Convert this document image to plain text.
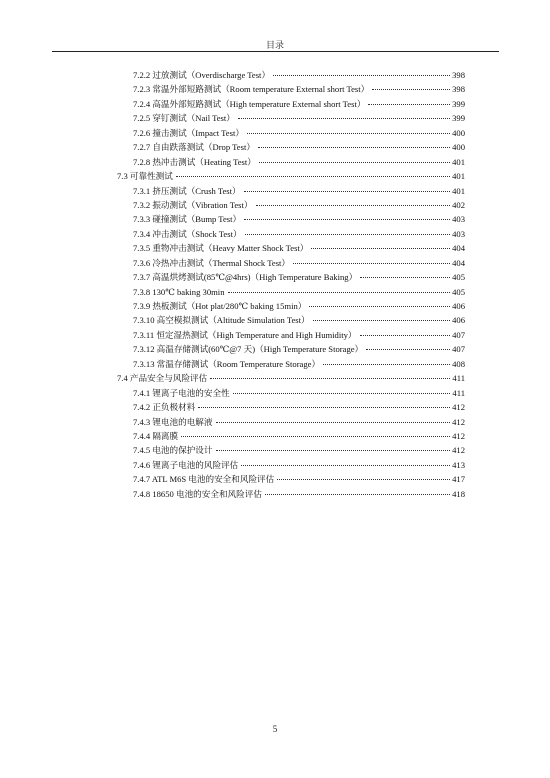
目录
7.2.2 过放测试（Overdischarge Test）	398
7.2.3 常温外部短路测试（Room temperature External short Test）	398
7.2.4 高温外部短路测试（High temperature External short Test）	399
7.2.5 穿钉测试（Nail Test）	399
7.2.6 撞击测试（Impact Test）	400
7.2.7 自由跌落测试（Drop Test）	400
7.2.8 热冲击测试（Heating Test）	401
7.3 可靠性测试	401
7.3.1 挤压测试（Crush Test）	401
7.3.2 振动测试（Vibration Test）	402
7.3.3 碰撞测试（Bump Test）	403
7.3.4 冲击测试（Shock Test）	403
7.3.5 重物冲击测试（Heavy Matter Shock Test）	404
7.3.6 冷热冲击测试（Thermal Shock Test）	404
7.3.7 高温烘烤测试(85℃@4hrs)（High Temperature Baking）	405
7.3.8 130℃ baking 30min	405
7.3.9 热板测试（Hot plat/280℃ baking 15min）	406
7.3.10 高空模拟测试（Altitude Simulation Test）	406
7.3.11 恒定湿热测试（High Temperature and High Humidity）	407
7.3.12 高温存储测试(60℃@7 天)（High Temperature Storage）	407
7.3.13 常温存储测试（Room Temperature Storage）	408
7.4 产品安全与风险评估	411
7.4.1 锂离子电池的安全性	411
7.4.2 正负极材料	412
7.4.3 锂电池的电解液	412
7.4.4 隔离膜	412
7.4.5 电池的保护设计	412
7.4.6 锂离子电池的风险评估	413
7.4.7 ATL M6S 电池的安全和风险评估	417
7.4.8 18650 电池的安全和风险评估	418
5
